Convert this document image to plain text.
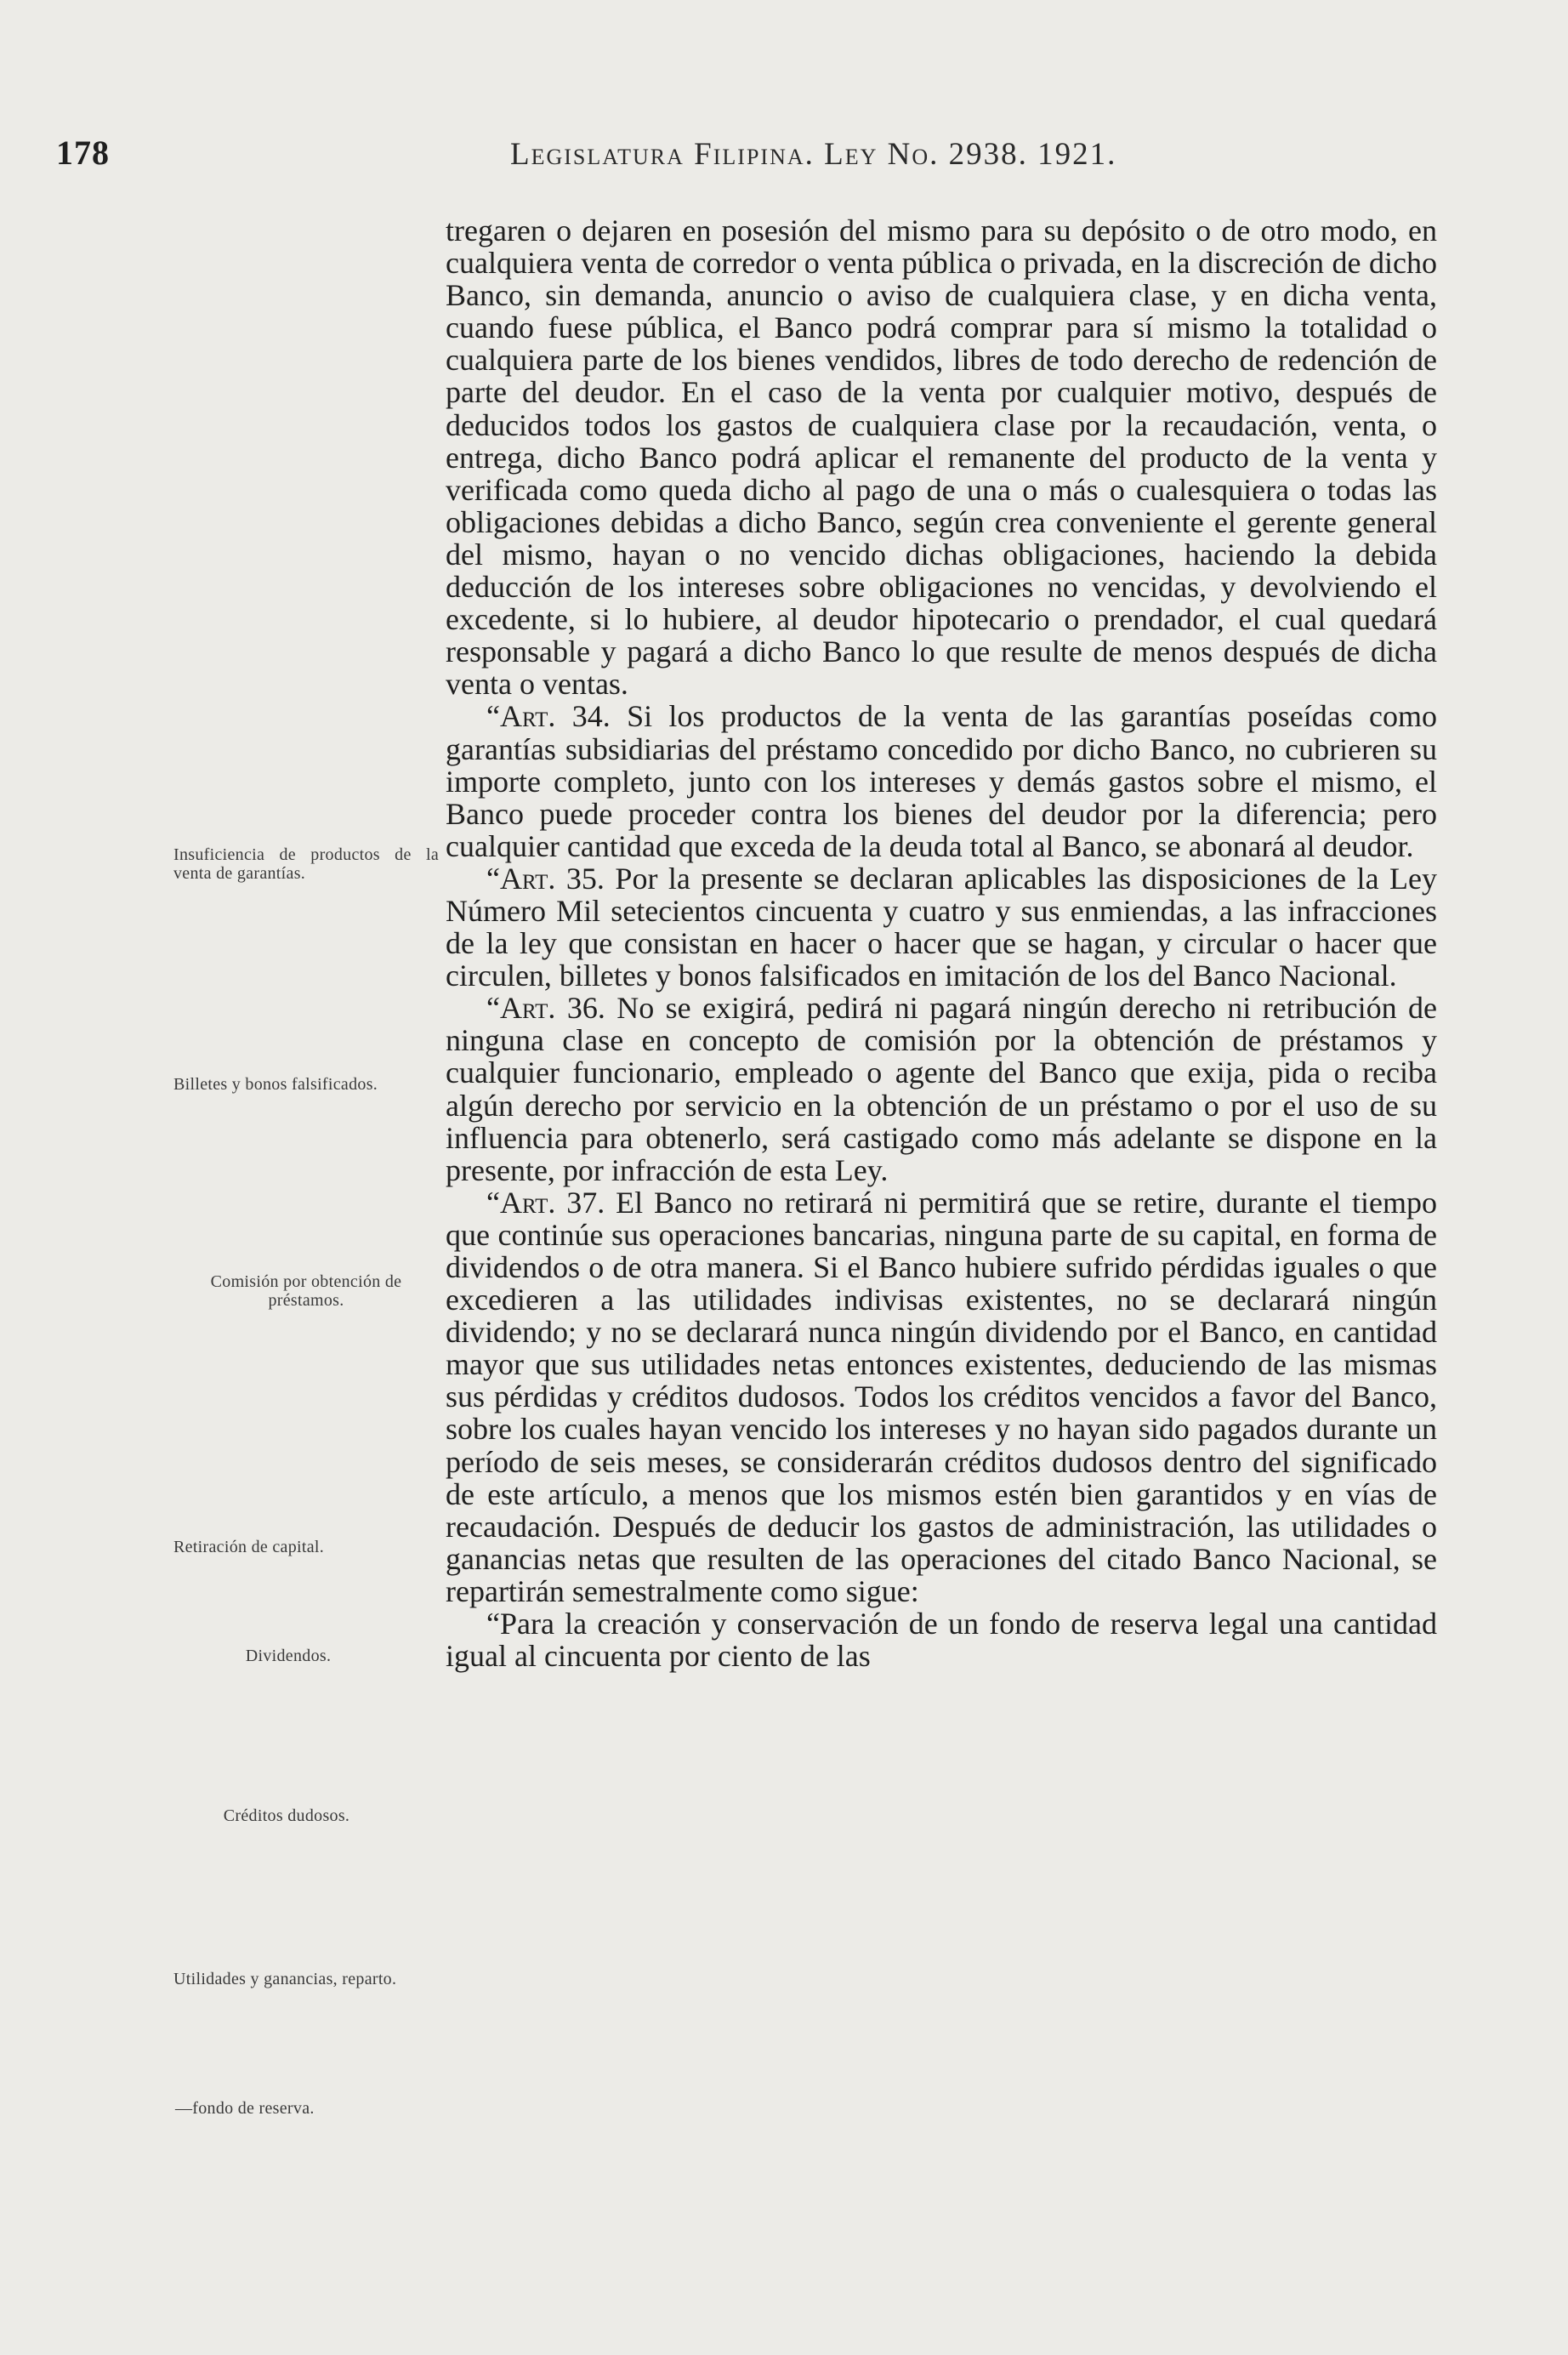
178	Legislatura Filipina. Ley No. 2938. 1921.

tregaren o dejaren en posesión del mismo para su depósito o de otro modo, en cualquiera venta de corredor o venta pública o privada, en la discreción de dicho Banco, sin demanda, anuncio o aviso de cualquiera clase, y en dicha venta, cuando fuese pública, el Banco podrá comprar para sí mismo la totalidad o cualquiera parte de los bienes vendidos, libres de todo derecho de redención de parte del deudor. En el caso de la venta por cualquier motivo, después de deducidos todos los gastos de cualquiera clase por la recaudación, venta, o entrega, dicho Banco podrá aplicar el remanente del producto de la venta y verificada como queda dicho al pago de una o más o cualesquiera o todas las obligaciones debidas a dicho Banco, según crea conveniente el gerente general del mismo, hayan o no vencido dichas obligaciones, haciendo la debida deducción de los intereses sobre obligaciones no vencidas, y devolviendo el excedente, si lo hubiere, al deudor hipotecario o prendador, el cual quedará responsable y pagará a dicho Banco lo que resulte de menos después de dicha venta o ventas.

“Art. 34. Si los productos de la venta de las garantías poseídas como garantías subsidiarias del préstamo concedido por dicho Banco, no cubrieren su importe completo, junto con los intereses y demás gastos sobre el mismo, el Banco puede proceder contra los bienes del deudor por la diferencia; pero cualquier cantidad que exceda de la deuda total al Banco, se abonará al deudor.

“Art. 35. Por la presente se declaran aplicables las disposiciones de la Ley Número Mil setecientos cincuenta y cuatro y sus enmiendas, a las infracciones de la ley que consistan en hacer o hacer que se hagan, y circular o hacer que circulen, billetes y bonos falsificados en imitación de los del Banco Nacional.

“Art. 36. No se exigirá, pedirá ni pagará ningún derecho ni retribución de ninguna clase en concepto de comisión por la obtención de préstamos y cualquier funcionario, empleado o agente del Banco que exija, pida o reciba algún derecho por servicio en la obtención de un préstamo o por el uso de su influencia para obtenerlo, será castigado como más adelante se dispone en la presente, por infracción de esta Ley.

“Art. 37. El Banco no retirará ni permitirá que se retire, durante el tiempo que continúe sus operaciones bancarias, ninguna parte de su capital, en forma de dividendos o de otra manera. Si el Banco hubiere sufrido pérdidas iguales o que excedieren a las utilidades indivisas existentes, no se declarará ningún dividendo; y no se declarará nunca ningún dividendo por el Banco, en cantidad mayor que sus utilidades netas entonces existentes, deduciendo de las mismas sus pérdidas y créditos dudosos. Todos los créditos vencidos a favor del Banco, sobre los cuales hayan vencido los intereses y no hayan sido pagados durante un período de seis meses, se considerarán créditos dudosos dentro del significado de este artículo, a menos que los mismos estén bien garantidos y en vías de recaudación. Después de deducir los gastos de administración, las utilidades o ganancias netas que resulten de las operaciones del citado Banco Nacional, se repartirán semestralmente como sigue:

“Para la creación y conservación de un fondo de reserva legal una cantidad igual al cincuenta por ciento de las

Insuficiencia de productos de la venta de garantías.
Billetes y bonos falsificados.
Comisión por obtención de préstamos.
Retiración de capital.
Dividendos.
Créditos dudosos.
Utilidades y ganancias, reparto.
—fondo de reserva.
